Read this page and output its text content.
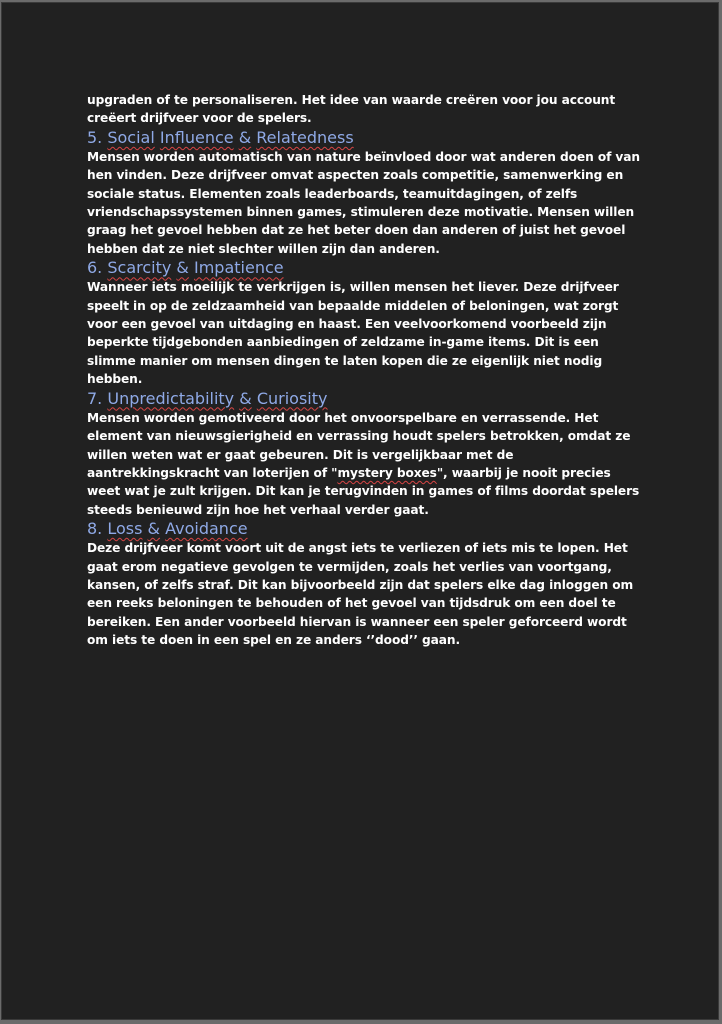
upgraden of te personaliseren. Het idee van waarde creëren voor jou account creëert drijfveer voor de spelers.

5. Social Influence & Relatedness

Mensen worden automatisch van nature beïnvloed door wat anderen doen of van hen vinden. Deze drijfveer omvat aspecten zoals competitie, samenwerking en sociale status. Elementen zoals leaderboards, teamuitdagingen, of zelfs vriendschapssystemen binnen games, stimuleren deze motivatie. Mensen willen graag het gevoel hebben dat ze het beter doen dan anderen of juist het gevoel hebben dat ze niet slechter willen zijn dan anderen.

6. Scarcity & Impatience

Wanneer iets moeilijk te verkrijgen is, willen mensen het liever. Deze drijfveer speelt in op de zeldzaamheid van bepaalde middelen of beloningen, wat zorgt voor een gevoel van uitdaging en haast. Een veelvoorkomend voorbeeld zijn beperkte tijdgebonden aanbiedingen of zeldzame in-game items. Dit is een slimme manier om mensen dingen te laten kopen die ze eigenlijk niet nodig hebben.

7. Unpredictability & Curiosity

Mensen worden gemotiveerd door het onvoorspelbare en verrassende. Het element van nieuwsgierigheid en verrassing houdt spelers betrokken, omdat ze willen weten wat er gaat gebeuren. Dit is vergelijkbaar met de aantrekkingskracht van loterijen of "mystery boxes", waarbij je nooit precies weet wat je zult krijgen. Dit kan je terugvinden in games of films doordat spelers steeds benieuwd zijn hoe het verhaal verder gaat.

8. Loss & Avoidance

Deze drijfveer komt voort uit de angst iets te verliezen of iets mis te lopen. Het gaat erom negatieve gevolgen te vermijden, zoals het verlies van voortgang, kansen, of zelfs straf. Dit kan bijvoorbeeld zijn dat spelers elke dag inloggen om een reeks beloningen te behouden of het gevoel van tijdsdruk om een doel te bereiken. Een ander voorbeeld hiervan is wanneer een speler geforceerd wordt om iets te doen in een spel en ze anders ‘’dood’’ gaan.
